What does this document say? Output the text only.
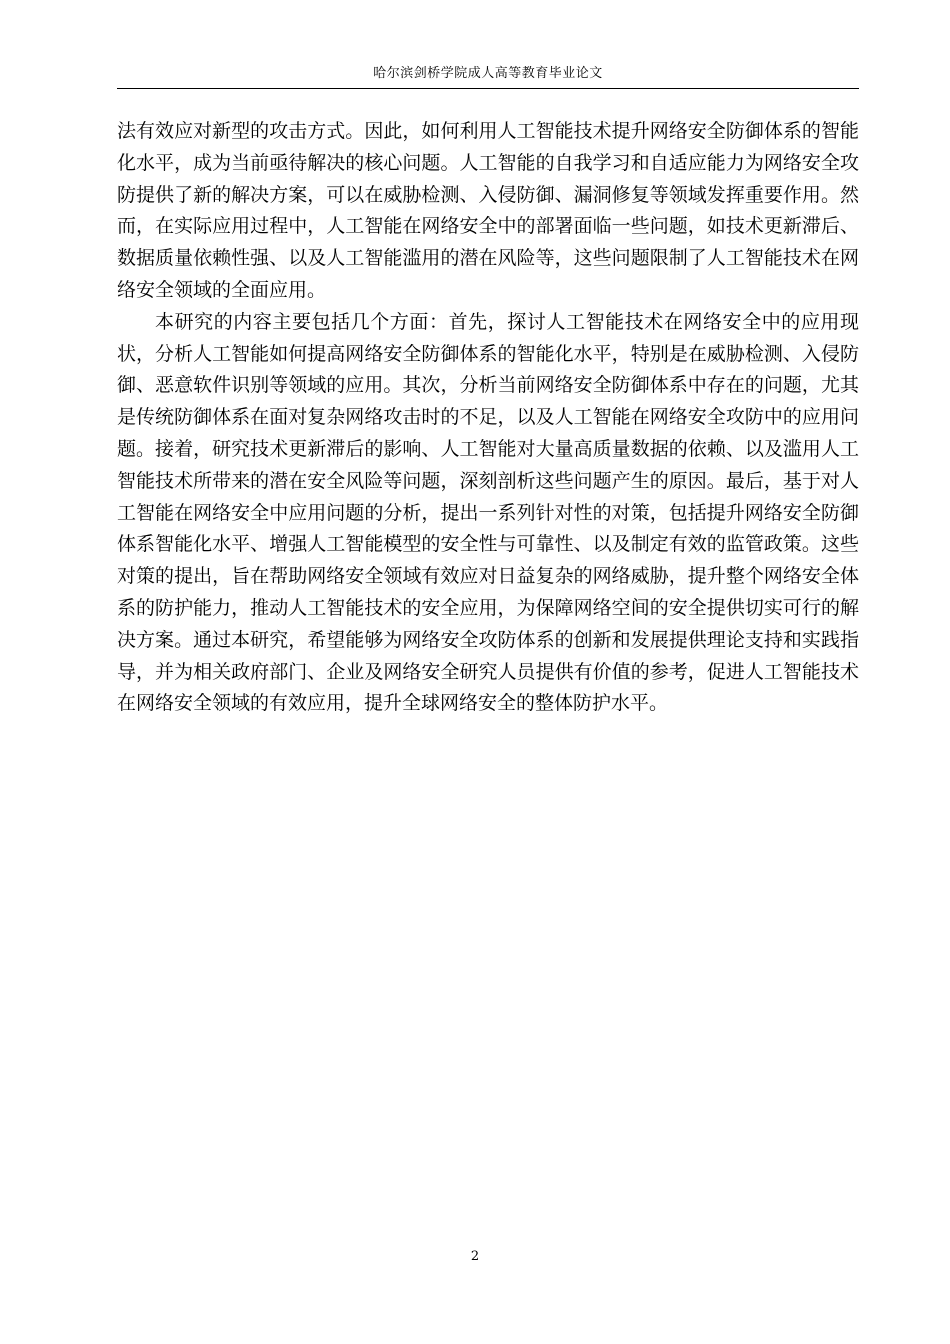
哈尔滨剑桥学院成人高等教育毕业论文

法有效应对新型的攻击方式。因此，如何利用人工智能技术提升网络安全防御体系的智能化水平，成为当前亟待解决的核心问题。人工智能的自我学习和自适应能力为网络安全攻防提供了新的解决方案，可以在威胁检测、入侵防御、漏洞修复等领域发挥重要作用。然而，在实际应用过程中，人工智能在网络安全中的部署面临一些问题，如技术更新滞后、数据质量依赖性强、以及人工智能滥用的潜在风险等，这些问题限制了人工智能技术在网络安全领域的全面应用。

本研究的内容主要包括几个方面：首先，探讨人工智能技术在网络安全中的应用现状，分析人工智能如何提高网络安全防御体系的智能化水平，特别是在威胁检测、入侵防御、恶意软件识别等领域的应用。其次，分析当前网络安全防御体系中存在的问题，尤其是传统防御体系在面对复杂网络攻击时的不足，以及人工智能在网络安全攻防中的应用问题。接着，研究技术更新滞后的影响、人工智能对大量高质量数据的依赖、以及滥用人工智能技术所带来的潜在安全风险等问题，深刻剖析这些问题产生的原因。最后，基于对人工智能在网络安全中应用问题的分析，提出一系列针对性的对策，包括提升网络安全防御体系智能化水平、增强人工智能模型的安全性与可靠性、以及制定有效的监管政策。这些对策的提出，旨在帮助网络安全领域有效应对日益复杂的网络威胁，提升整个网络安全体系的防护能力，推动人工智能技术的安全应用，为保障网络空间的安全提供切实可行的解决方案。通过本研究，希望能够为网络安全攻防体系的创新和发展提供理论支持和实践指导，并为相关政府部门、企业及网络安全研究人员提供有价值的参考，促进人工智能技术在网络安全领域的有效应用，提升全球网络安全的整体防护水平。

2
